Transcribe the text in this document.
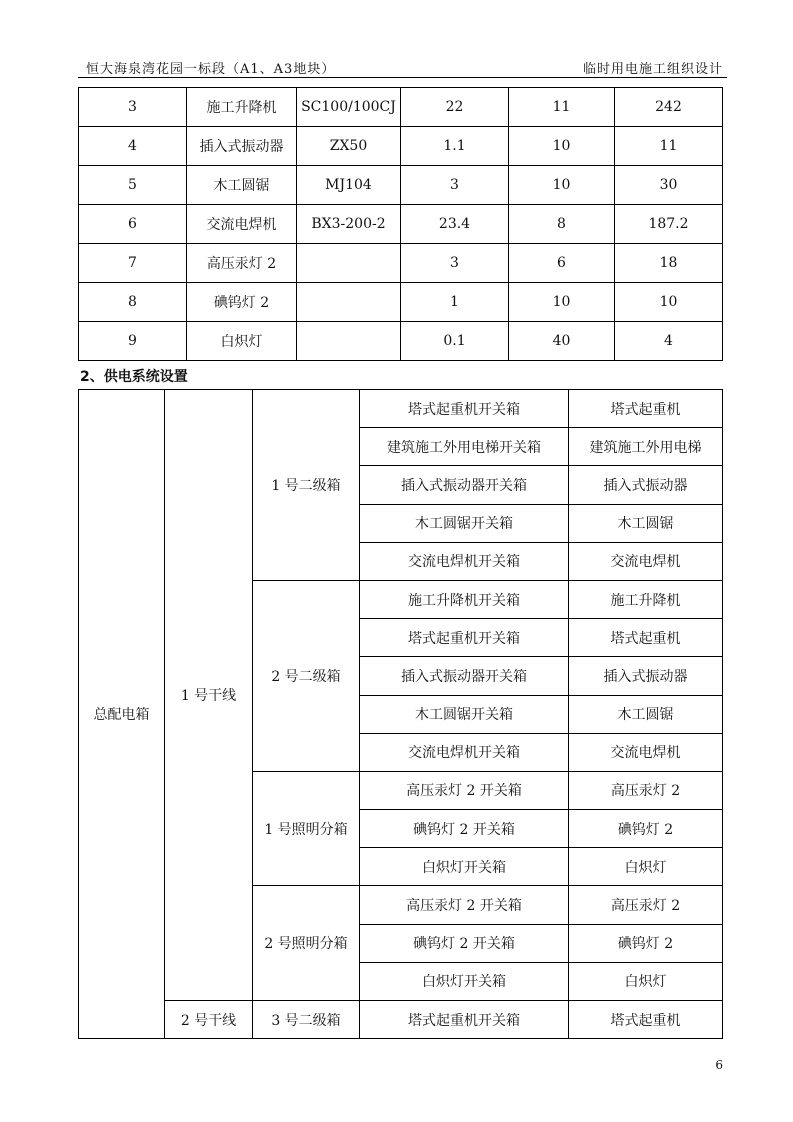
恒大海泉湾花园一标段（A1、A3地块）	临时用电施工组织设计
3	施工升降机	SC100/100CJ	22	11	242
4	插入式振动器	ZX50	1.1	10	11
5	木工圆锯	MJ104	3	10	30
6	交流电焊机	BX3-200-2	23.4	8	187.2
7	高压汞灯 2		3	6	18
8	碘钨灯 2		1	10	10
9	白炽灯		0.1	40	4
2、供电系统设置
总配电箱	1 号干线	1 号二级箱	塔式起重机开关箱	塔式起重机
			建筑施工外用电梯开关箱	建筑施工外用电梯
			插入式振动器开关箱	插入式振动器
			木工圆锯开关箱	木工圆锯
			交流电焊机开关箱	交流电焊机
		2 号二级箱	施工升降机开关箱	施工升降机
			塔式起重机开关箱	塔式起重机
			插入式振动器开关箱	插入式振动器
			木工圆锯开关箱	木工圆锯
			交流电焊机开关箱	交流电焊机
		1 号照明分箱	高压汞灯 2 开关箱	高压汞灯 2
			碘钨灯 2 开关箱	碘钨灯 2
			白炽灯开关箱	白炽灯
		2 号照明分箱	高压汞灯 2 开关箱	高压汞灯 2
			碘钨灯 2 开关箱	碘钨灯 2
			白炽灯开关箱	白炽灯
	2 号干线	3 号二级箱	塔式起重机开关箱	塔式起重机
6
